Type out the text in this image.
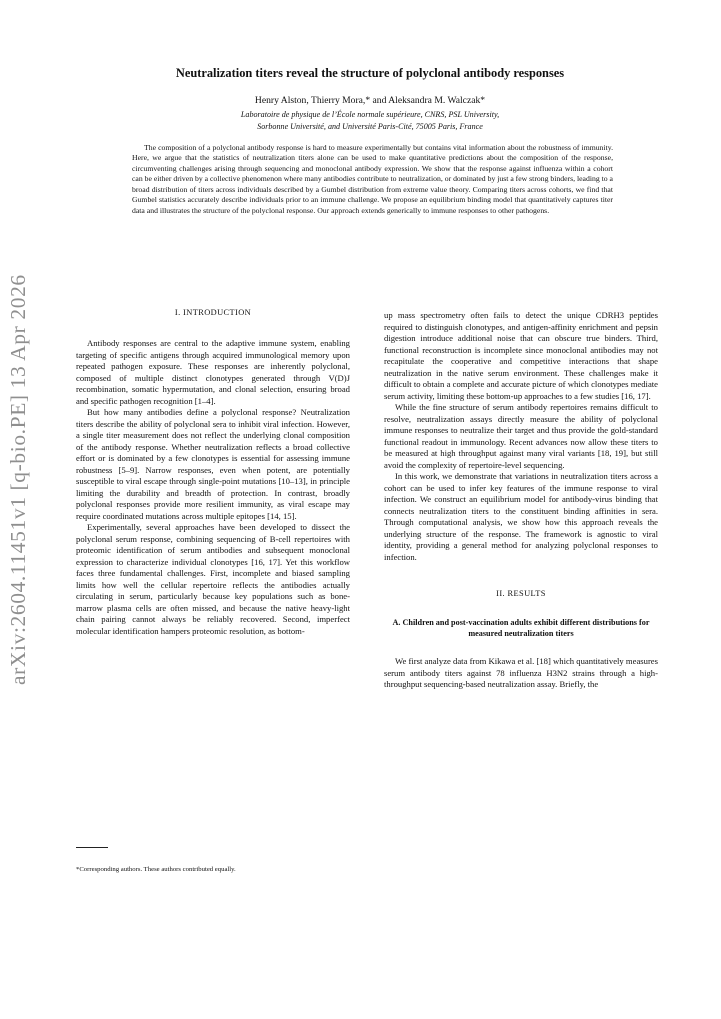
arXiv:2604.11451v1 [q-bio.PE] 13 Apr 2026
Neutralization titers reveal the structure of polyclonal antibody responses
Henry Alston, Thierry Mora,* and Aleksandra M. Walczak*
Laboratoire de physique de l’École normale supérieure, CNRS, PSL University,
Sorbonne Université, and Université Paris-Cité, 75005 Paris, France

The composition of a polyclonal antibody response is hard to measure experimentally but contains vital information about the robustness of immunity. Here, we argue that the statistics of neutralization titers alone can be used to make quantitative predictions about the composition of the response, circumventing challenges arising through sequencing and monoclonal antibody expression. We show that the response against influenza within a cohort can be either driven by a collective phenomenon where many antibodies contribute to neutralization, or dominated by just a few strong binders, leading to a broad distribution of titers across individuals described by a Gumbel distribution from extreme value theory. Comparing titers across cohorts, we find that Gumbel statistics accurately describe individuals prior to an immune challenge. We propose an equilibrium binding model that quantitatively captures titer data and illustrates the structure of the polyclonal response. Our approach extends generically to immune responses to other pathogens.

I. INTRODUCTION

Antibody responses are central to the adaptive immune system, enabling targeting of specific antigens through acquired immunological memory upon repeated pathogen exposure. These responses are inherently polyclonal, composed of multiple distinct clonotypes generated through V(D)J recombination, somatic hypermutation, and clonal selection, ensuring broad and specific pathogen recognition [1–4].

But how many antibodies define a polyclonal response? Neutralization titers describe the ability of polyclonal sera to inhibit viral infection. However, a single titer measurement does not reflect the underlying clonal composition of the antibody response. Whether neutralization reflects a broad collective effort or is dominated by a few clonotypes is essential for assessing immune robustness [5–9]. Narrow responses, even when potent, are potentially susceptible to viral escape through single-point mutations [10–13], in principle limiting the durability and breadth of protection. In contrast, broadly polyclonal responses provide more resilient immunity, as viral escape may require coordinated mutations across multiple epitopes [14, 15].

Experimentally, several approaches have been developed to dissect the polyclonal serum response, combining sequencing of B-cell repertoires with proteomic identification of serum antibodies and subsequent monoclonal expression to characterize individual clonotypes [16, 17]. Yet this workflow faces three fundamental challenges. First, incomplete and biased sampling limits how well the cellular repertoire reflects the antibodies actually circulating in serum, particularly because key populations such as bone-marrow plasma cells are often missed, and because the native heavy-light chain pairing cannot always be reliably recovered. Second, imperfect molecular identification hampers proteomic resolution, as bottom-

up mass spectrometry often fails to detect the unique CDRH3 peptides required to distinguish clonotypes, and antigen-affinity enrichment and pepsin digestion introduce additional noise that can obscure true binders. Third, functional reconstruction is incomplete since monoclonal antibodies may not recapitulate the cooperative and competitive interactions that shape neutralization in the native serum environment. These challenges make it difficult to obtain a complete and accurate picture of which clonotypes mediate serum activity, limiting these bottom-up approaches to a few studies [16, 17].

While the fine structure of serum antibody repertoires remains difficult to resolve, neutralization assays directly measure the ability of polyclonal immune responses to neutralize their target and thus provide the gold-standard functional readout in immunology. Recent advances now allow these titers to be measured at high throughput against many viral variants [18, 19], but still avoid the complexity of repertoire-level sequencing.

In this work, we demonstrate that variations in neutralization titers across a cohort can be used to infer key features of the immune response to viral infection. We construct an equilibrium model for antibody-virus binding that connects neutralization titers to the constituent binding affinities in sera. Through computational analysis, we show how this approach reveals the underlying structure of the response. The framework is agnostic to viral identity, providing a general method for analyzing polyclonal responses to infection.

II. RESULTS
A. Children and post-vaccination adults exhibit different distributions for measured neutralization titers

We first analyze data from Kikawa et al. [18] which quantitatively measures serum antibody titers against 78 influenza H3N2 strains through a high-throughput sequencing-based neutralization assay. Briefly, the

*Corresponding authors. These authors contributed equally.
